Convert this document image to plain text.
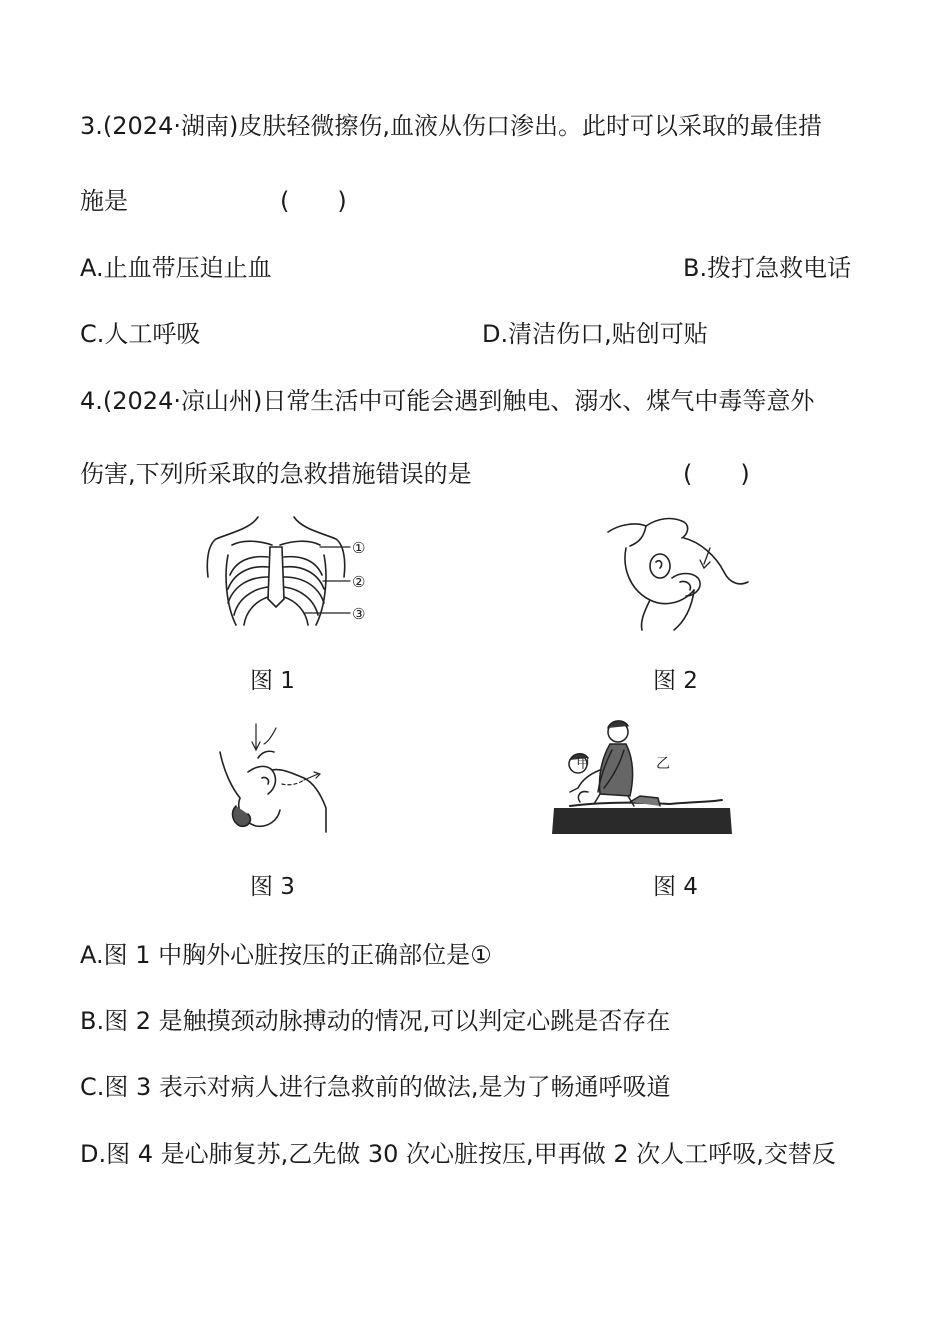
3.(2024·湖南)皮肤轻微擦伤,血液从伤口渗出。此时可以采取的最佳措
施是	(　　)
A.止血带压迫止血	B.拨打急救电话
C.人工呼吸	D.清洁伤口,贴创可贴
4.(2024·凉山州)日常生活中可能会遇到触电、溺水、煤气中毒等意外
伤害,下列所采取的急救措施错误的是	(　　)
①
②
③
图 1	图 2
图 3
甲	乙
图 4
A.图 1 中胸外心脏按压的正确部位是①
B.图 2 是触摸颈动脉搏动的情况,可以判定心跳是否存在
C.图 3 表示对病人进行急救前的做法,是为了畅通呼吸道
D.图 4 是心肺复苏,乙先做 30 次心脏按压,甲再做 2 次人工呼吸,交替反
